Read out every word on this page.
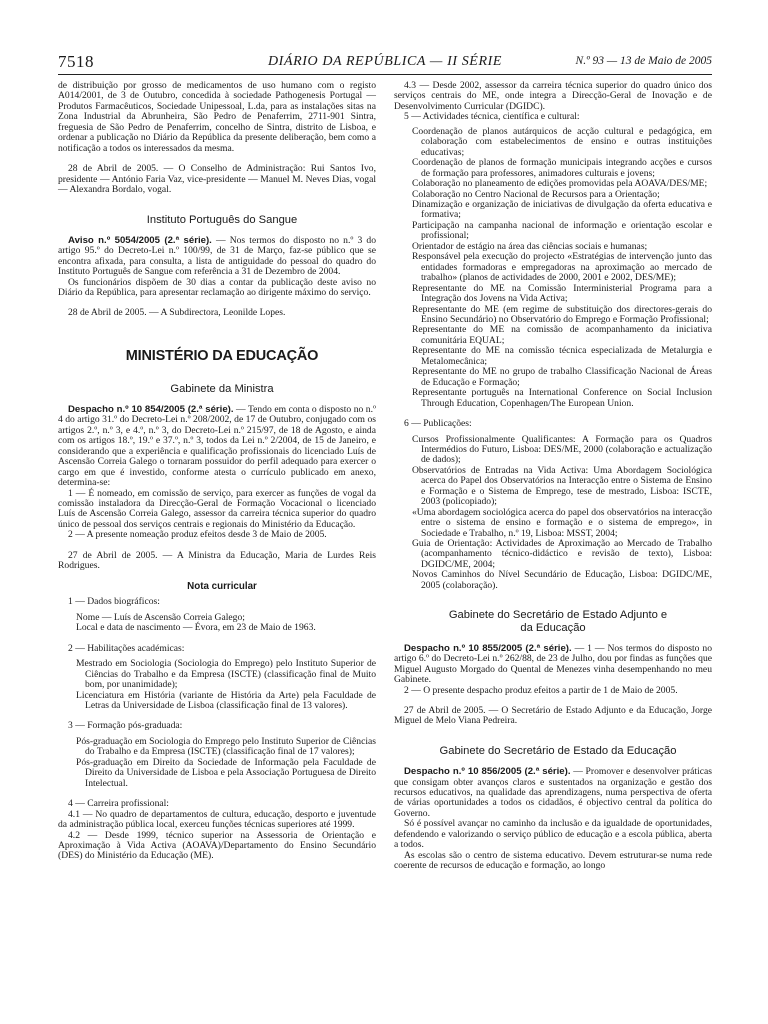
7518	DIÁRIO DA REPÚBLICA — II SÉRIE	N.º 93 — 13 de Maio de 2005

de distribuição por grosso de medicamentos de uso humano com o registo A014/2001, de 3 de Outubro, concedida à sociedade Pathogenesis Portugal — Produtos Farmacêuticos, Sociedade Unipessoal, L.da, para as instalações sitas na Zona Industrial da Abrunheira, São Pedro de Penaferrim, 2711-901 Sintra, freguesia de São Pedro de Penaferrim, concelho de Sintra, distrito de Lisboa, e ordenar a publicação no Diário da República da presente deliberação, bem como a notificação a todos os interessados da mesma.

28 de Abril de 2005. — O Conselho de Administração: Rui Santos Ivo, presidente — António Faria Vaz, vice-presidente — Manuel M. Neves Dias, vogal — Alexandra Bordalo, vogal.

Instituto Português do Sangue

Aviso n.º 5054/2005 (2.ª série). — Nos termos do disposto no n.º 3 do artigo 95.º do Decreto-Lei n.º 100/99, de 31 de Março, faz-se público que se encontra afixada, para consulta, a lista de antiguidade do pessoal do quadro do Instituto Português de Sangue com referência a 31 de Dezembro de 2004.

Os funcionários dispõem de 30 dias a contar da publicação deste aviso no Diário da República, para apresentar reclamação ao dirigente máximo do serviço.

28 de Abril de 2005. — A Subdirectora, Leonilde Lopes.

MINISTÉRIO DA EDUCAÇÃO

Gabinete da Ministra

Despacho n.º 10 854/2005 (2.ª série). — Tendo em conta o disposto no n.º 4 do artigo 31.º do Decreto-Lei n.º 208/2002, de 17 de Outubro, conjugado com os artigos 2.º, n.º 3, e 4.º, n.º 3, do Decreto-Lei n.º 215/97, de 18 de Agosto, e ainda com os artigos 18.º, 19.º e 37.º, n.º 3, todos da Lei n.º 2/2004, de 15 de Janeiro, e considerando que a experiência e qualificação profissionais do licenciado Luís de Ascensão Correia Galego o tornaram possuidor do perfil adequado para exercer o cargo em que é investido, conforme atesta o currículo publicado em anexo, determina-se:

1 — É nomeado, em comissão de serviço, para exercer as funções de vogal da comissão instaladora da Direcção-Geral de Formação Vocacional o licenciado Luís de Ascensão Correia Galego, assessor da carreira técnica superior do quadro único de pessoal dos serviços centrais e regionais do Ministério da Educação.

2 — A presente nomeação produz efeitos desde 3 de Maio de 2005.

27 de Abril de 2005. — A Ministra da Educação, Maria de Lurdes Reis Rodrigues.

Nota curricular

1 — Dados biográficos:

Nome — Luís de Ascensão Correia Galego;

Local e data de nascimento — Évora, em 23 de Maio de 1963.

2 — Habilitações académicas:

Mestrado em Sociologia (Sociologia do Emprego) pelo Instituto Superior de Ciências do Trabalho e da Empresa (ISCTE) (classificação final de Muito bom, por unanimidade);

Licenciatura em História (variante de História da Arte) pela Faculdade de Letras da Universidade de Lisboa (classificação final de 13 valores).

3 — Formação pós-graduada:

Pós-graduação em Sociologia do Emprego pelo Instituto Superior de Ciências do Trabalho e da Empresa (ISCTE) (classificação final de 17 valores);

Pós-graduação em Direito da Sociedade de Informação pela Faculdade de Direito da Universidade de Lisboa e pela Associação Portuguesa de Direito Intelectual.

4 — Carreira profissional:

4.1 — No quadro de departamentos de cultura, educação, desporto e juventude da administração pública local, exerceu funções técnicas superiores até 1999.

4.2 — Desde 1999, técnico superior na Assessoria de Orientação e Aproximação à Vida Activa (AOAVA)/Departamento do Ensino Secundário (DES) do Ministério da Educação (ME).

4.3 — Desde 2002, assessor da carreira técnica superior do quadro único dos serviços centrais do ME, onde integra a Direcção-Geral de Inovação e de Desenvolvimento Curricular (DGIDC).

5 — Actividades técnica, científica e cultural:

Coordenação de planos autárquicos de acção cultural e pedagógica, em colaboração com estabelecimentos de ensino e outras instituições educativas;

Coordenação de planos de formação municipais integrando acções e cursos de formação para professores, animadores culturais e jovens;

Colaboração no planeamento de edições promovidas pela AOAVA/DES/ME;

Colaboração no Centro Nacional de Recursos para a Orientação;

Dinamização e organização de iniciativas de divulgação da oferta educativa e formativa;

Participação na campanha nacional de informação e orientação escolar e profissional;

Orientador de estágio na área das ciências sociais e humanas;

Responsável pela execução do projecto «Estratégias de intervenção junto das entidades formadoras e empregadoras na aproximação ao mercado de trabalho» (planos de actividades de 2000, 2001 e 2002, DES/ME);

Representante do ME na Comissão Interministerial Programa para a Integração dos Jovens na Vida Activa;

Representante do ME (em regime de substituição dos directores-gerais do Ensino Secundário) no Observatório do Emprego e Formação Profissional;

Representante do ME na comissão de acompanhamento da iniciativa comunitária EQUAL;

Representante do ME na comissão técnica especializada de Metalurgia e Metalomecânica;

Representante do ME no grupo de trabalho Classificação Nacional de Áreas de Educação e Formação;

Representante português na International Conference on Social Inclusion Through Education, Copenhagen/The European Union.

6 — Publicações:

Cursos Profissionalmente Qualificantes: A Formação para os Quadros Intermédios do Futuro, Lisboa: DES/ME, 2000 (colaboração e actualização de dados);

Observatórios de Entradas na Vida Activa: Uma Abordagem Sociológica acerca do Papel dos Observatórios na Interacção entre o Sistema de Ensino e Formação e o Sistema de Emprego, tese de mestrado, Lisboa: ISCTE, 2003 (policopiado);

«Uma abordagem sociológica acerca do papel dos observatórios na interacção entre o sistema de ensino e formação e o sistema de emprego», in Sociedade e Trabalho, n.º 19, Lisboa: MSST, 2004;

Guia de Orientação: Actividades de Aproximação ao Mercado de Trabalho (acompanhamento técnico-didáctico e revisão de texto), Lisboa: DGIDC/ME, 2004;

Novos Caminhos do Nível Secundário de Educação, Lisboa: DGIDC/ME, 2005 (colaboração).

Gabinete do Secretário de Estado Adjunto e da Educação

Despacho n.º 10 855/2005 (2.ª série). — 1 — Nos termos do disposto no artigo 6.º do Decreto-Lei n.º 262/88, de 23 de Julho, dou por findas as funções que Miguel Augusto Morgado do Quental de Menezes vinha desempenhando no meu Gabinete.

2 — O presente despacho produz efeitos a partir de 1 de Maio de 2005.

27 de Abril de 2005. — O Secretário de Estado Adjunto e da Educação, Jorge Miguel de Melo Viana Pedreira.

Gabinete do Secretário de Estado da Educação

Despacho n.º 10 856/2005 (2.ª série). — Promover e desenvolver práticas que consigam obter avanços claros e sustentados na organização e gestão dos recursos educativos, na qualidade das aprendizagens, numa perspectiva de oferta de várias oportunidades a todos os cidadãos, é objectivo central da política do Governo.

Só é possível avançar no caminho da inclusão e da igualdade de oportunidades, defendendo e valorizando o serviço público de educação e a escola pública, aberta a todos.

As escolas são o centro de sistema educativo. Devem estruturar-se numa rede coerente de recursos de educação e formação, ao longo
